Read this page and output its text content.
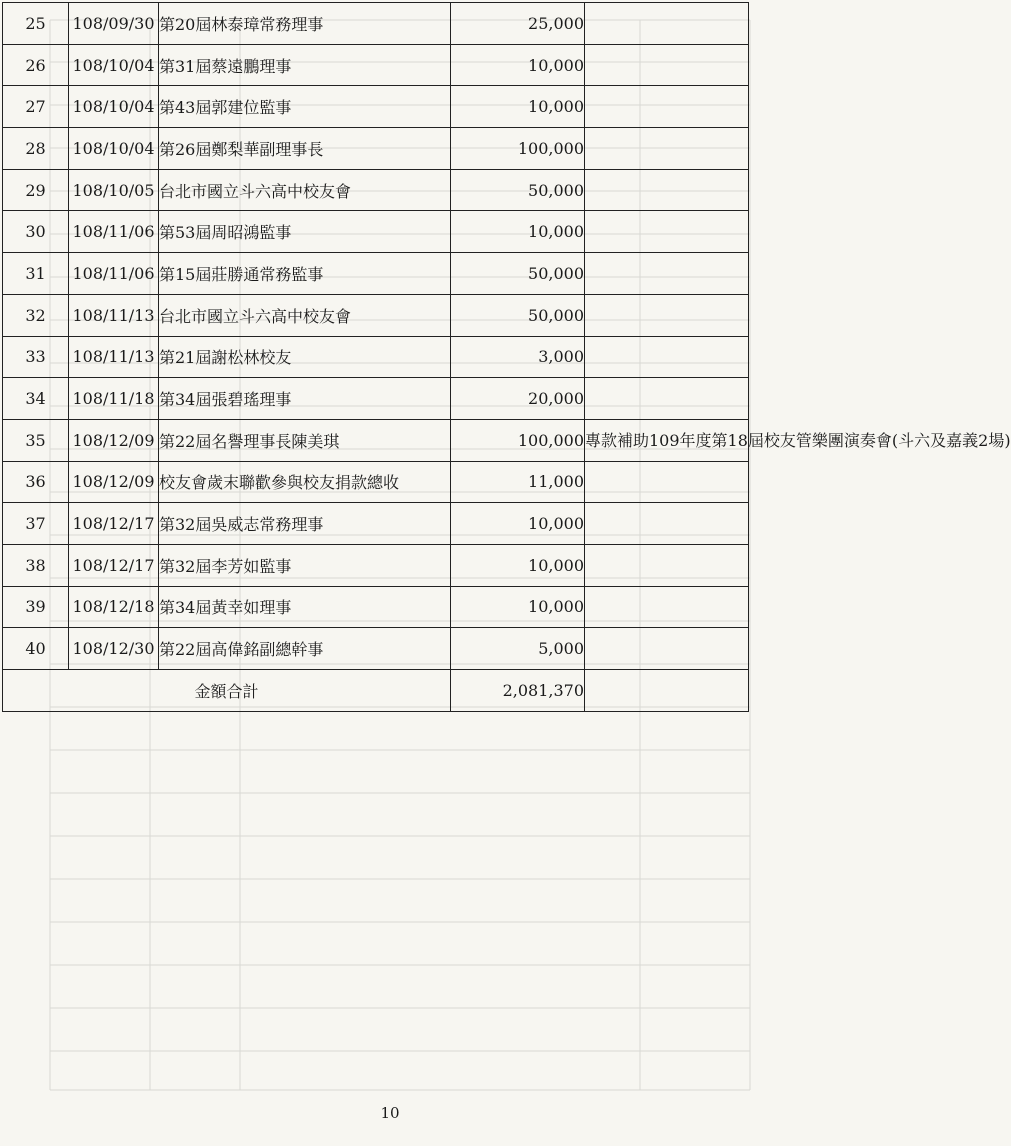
25	108/09/30	第20屆林泰璋常務理事	25,000	
26	108/10/04	第31屆蔡遠鵬理事	10,000	
27	108/10/04	第43屆郭建位監事	10,000	
28	108/10/04	第26屆鄭梨華副理事長	100,000	
29	108/10/05	台北市國立斗六高中校友會	50,000	
30	108/11/06	第53屆周昭鴻監事	10,000	
31	108/11/06	第15屆莊勝通常務監事	50,000	
32	108/11/13	台北市國立斗六高中校友會	50,000	
33	108/11/13	第21屆謝松林校友	3,000	
34	108/11/18	第34屆張碧瑤理事	20,000	
35	108/12/09	第22屆名譽理事長陳美琪	100,000	專款補助109年度第18屆校友管樂團演奏會(斗六及嘉義2場)
36	108/12/09	校友會歲末聯歡參與校友捐款總收	11,000	
37	108/12/17	第32屆吳威志常務理事	10,000	
38	108/12/17	第32屆李芳如監事	10,000	
39	108/12/18	第34屆黃幸如理事	10,000	
40	108/12/30	第22屆高偉銘副總幹事	5,000	
金額合計			2,081,370	
10
